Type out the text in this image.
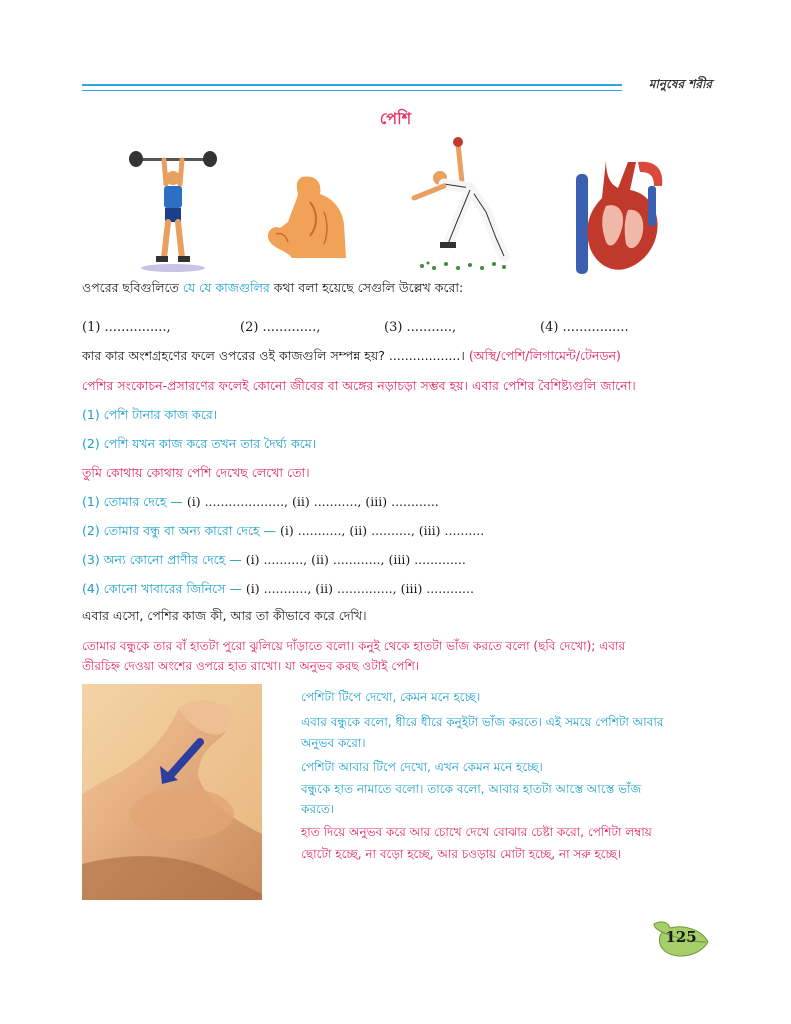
মানুষের শরীর
পেশি
ওপরের ছবিগুলিতে যে যে কাজগুলির কথা বলা হয়েছে সেগুলি উল্লেখ করো:
(1) ...............,	(2) .............,	(3) ...........,	(4) ................
কার কার অংশগ্রহণের ফলে ওপরের ওই কাজগুলি সম্পন্ন হয়? ..................। (অস্থি/পেশি/লিগামেন্ট/টেনডন)
পেশির সংকোচন-প্রসারণের ফলেই কোনো জীবের বা অঙ্গের নড়াচড়া সম্ভব হয়। এবার পেশির বৈশিষ্ট্যগুলি জানো।
(1) পেশি টানার কাজ করে।
(2) পেশি যখন কাজ করে তখন তার দৈর্ঘ্য কমে।
তুমি কোথায় কোথায় পেশি দেখেছ লেখো তো।
(1) তোমার দেহে — (i) ...................., (ii) ..........., (iii) ............
(2) তোমার বন্ধু বা অন্য কারো দেহে — (i) ..........., (ii) .........., (iii) ..........
(3) অন্য কোনো প্রাণীর দেহে — (i) .........., (ii) ............, (iii) .............
(4) কোনো খাবারের জিনিসে — (i) ..........., (ii) .............., (iii) ............
এবার এসো, পেশির কাজ কী, আর তা কীভাবে করে দেখি।
তোমার বন্ধুকে তার বাঁ হাতটা পুরো ঝুলিয়ে দাঁড়াতে বলো। কনুই থেকে হাতটা ভাঁজ করতে বলো (ছবি দেখো); এবার
তীরচিহ্ন দেওয়া অংশের ওপরে হাত রাখো। যা অনুভব করছ ওটাই পেশি।
পেশিটা টিপে দেখো, কেমন মনে হচ্ছে।
এবার বন্ধুকে বলো, ধীরে ধীরে কনুইটা ভাঁজ করতে। এই সময়ে পেশিটা আবার
অনুভব করো।
পেশিটা আবার টিপে দেখো, এখন কেমন মনে হচ্ছে।
বন্ধুকে হাত নামাতে বলো। তাকে বলো, আবার হাতটা আস্তে আস্তে ভাঁজ
করতে।
হাত দিয়ে অনুভব করে আর চোখে দেখে বোঝার চেষ্টা করো, পেশিটা লম্বায়
ছোটো হচ্ছে, না বড়ো হচ্ছে, আর চওড়ায় মোটা হচ্ছে, না সরু হচ্ছে।
125
